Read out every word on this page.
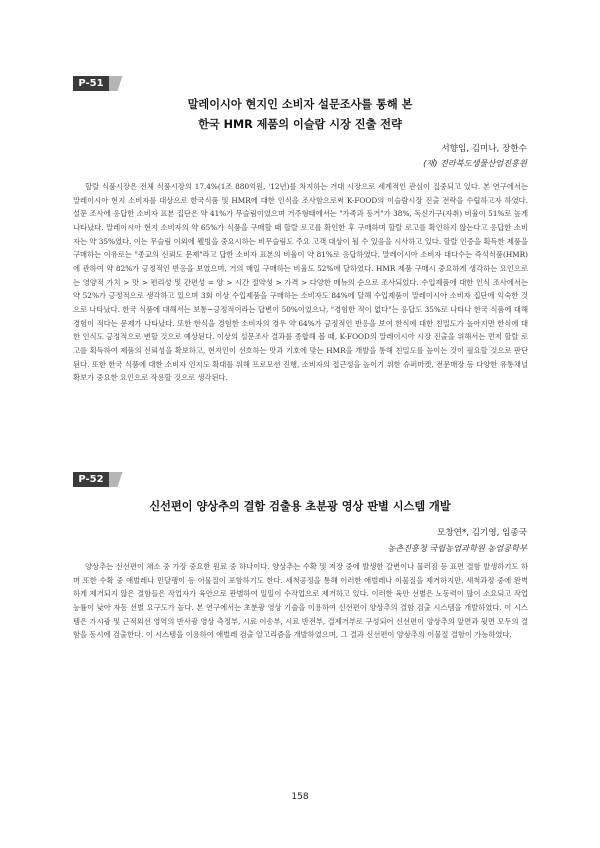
P-51
말레이시아 현지인 소비자 설문조사를 통해 본
한국 HMR 제품의 이슬람 시장 진출 전략
서향임, 김미나, 장한수
(재) 전라북도생물산업진흥원

할랄 식품시장은 전체 식품시장의 17.4%(1조 880억원, '12년)를 차지하는 거대 시장으로 세계적인 관심이 집중되고 있다. 본 연구에서는 말레이시아 현지 소비자를 대상으로 한국식품 및 HMR에 대한 인식을 조사함으로써 K-FOOD의 이슬람시장 진출 전략을 수립하고자 하였다. 설문 조사에 응답한 소비자 표본 집단은 약 41%가 무슬림이었으며 거주형태에서는 "가족과 동거"가 38%, 독신가구(자취) 비율이 51%로 높게 나타났다. 말레이시아 현지 소비자의 약 65%가 식품을 구매할 때 할랄 로고를 확인한 후 구매하며 할랄 로고를 확인하지 않는다고 응답한 소비자는 약 35%였다. 이는 무슬림 이외에 웰빙을 중요시하는 비무슬림도 주요 고객 대상이 될 수 있음을 시사하고 있다. 할랄 인증을 획득한 제품을 구매하는 이유로는 "종교의 신뢰도 문제"라고 답한 소비자 표본의 비율이 약 81%로 응답하였다. 말레이시아 소비자 대다수는 즉석식품(HMR)에 관하여 약 82%가 긍정적인 반응을 보였으며, 거의 매일 구매하는 비율도 52%에 달하였다. HMR 제품 구매시 중요하게 생각하는 요인으로는 영양적 가치 > 맛 > 편리성 및 간편성 = 양 > 시간 절약성 > 가격 > 다양한 메뉴의 순으로 조사되었다. 수입제품에 대한 인식 조사에서는 약 52%가 긍정적으로 생각하고 있으며 3회 이상 수입제품을 구매하는 소비자도 84%에 달해 수입제품이 말레이시아 소비자 집단에 익숙한 것으로 나타났다. 한국 식품에 대해서는 보통~긍정적이라는 답변이 50%이었으나, "경험한 적이 없다"는 응답도 35%로 나타나 한국 식품에 대해 경험이 적다는 문제가 나타났다. 또한 한식을 경험한 소비자의 경우 약 64%가 긍정적인 반응을 보여 한식에 대한 친밀도가 높아지면 한식에 대한 인식도 긍정적으로 변할 것으로 예상된다. 이상의 설문조사 결과를 종합해 볼 때, K-FOOD의 말레이시아 시장 진출을 위해서는 먼저 할랄 로고를 획득하여 제품의 신뢰성을 확보하고, 현지인이 선호하는 맛과 기호에 맞는 HMR을 개발을 통해 친밀도를 높이는 것이 필요할 것으로 판단된다. 또한 한국 식품에 대한 소비자 인지도 확대를 위해 프로모션 진행, 소비자의 접근성을 높이기 위한 슈퍼마켓, 전문매장 등 다양한 유통채널 확보가 중요한 요인으로 작용할 것으로 생각된다.

P-52
신선편이 양상추의 결함 검출용 초분광 영상 판별 시스템 개발
모창연*, 김기영, 임종국
농촌진흥청 국립농업과학원 농업공학부

양상추는 신선편이 채소 중 가장 중요한 원료 중 하나이다. 양상추는 수확 및 저장 중에 발생한 갈변이나 물러짐 등 표면 결함 발생하기도 하며 또한 수확 중 애벌레나 민달팽이 등 이물질이 포함하기도 한다. 세척공정을 통해 이러한 애벌레나 이물질을 제거하지만, 세척과정 중에 완벽하게 제거되지 않은 결함들은 작업자가 육안으로 판별하여 일일이 수작업으로 제거하고 있다. 이러한 육안 선별은 노동력이 많이 소요되고 작업능률이 낮아 자동 선별 요구도가 높다. 본 연구에서는 초분광 영상 기술을 이용하여 신선편이 양상추의 결함 검출 시스템을 개발하였다. 이 시스템은 가시광 및 근적외선 영역의 반사광 영상 측정부, 시료 이송부, 시료 반전부, 결제거부로 구성되어 신선편이 양상추의 앞면과 뒷면 모두의 결함을 동시에 검출한다. 이 시스템을 이용하여 애벌레 검출 알고리즘을 개발하였으며, 그 결과 신선편이 양상추의 이물질 결함이 가능하였다.

158
